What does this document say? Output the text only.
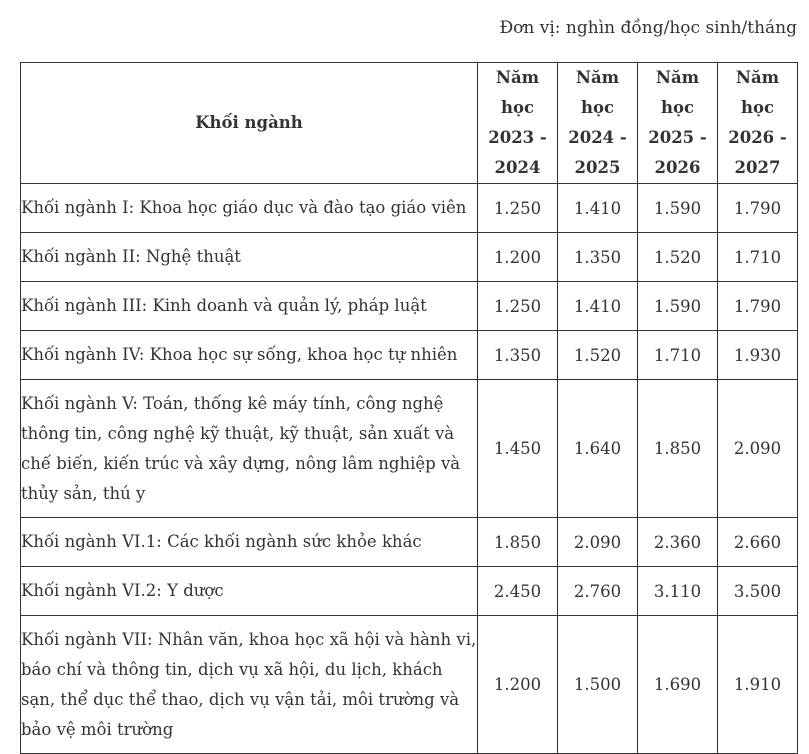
Đơn vị: nghìn đồng/học sinh/tháng
Khối ngành	Năm học 2023 - 2024	Năm học 2024 - 2025	Năm học 2025 - 2026	Năm học 2026 - 2027
Khối ngành I: Khoa học giáo dục và đào tạo giáo viên	1.250	1.410	1.590	1.790
Khối ngành II: Nghệ thuật	1.200	1.350	1.520	1.710
Khối ngành III: Kinh doanh và quản lý, pháp luật	1.250	1.410	1.590	1.790
Khối ngành IV: Khoa học sự sống, khoa học tự nhiên	1.350	1.520	1.710	1.930
Khối ngành V: Toán, thống kê máy tính, công nghệ thông tin, công nghệ kỹ thuật, kỹ thuật, sản xuất và chế biến, kiến trúc và xây dựng, nông lâm nghiệp và thủy sản, thú y	1.450	1.640	1.850	2.090
Khối ngành VI.1: Các khối ngành sức khỏe khác	1.850	2.090	2.360	2.660
Khối ngành VI.2: Y dược	2.450	2.760	3.110	3.500
Khối ngành VII: Nhân văn, khoa học xã hội và hành vi, báo chí và thông tin, dịch vụ xã hội, du lịch, khách sạn, thể dục thể thao, dịch vụ vận tải, môi trường và bảo vệ môi trường	1.200	1.500	1.690	1.910
